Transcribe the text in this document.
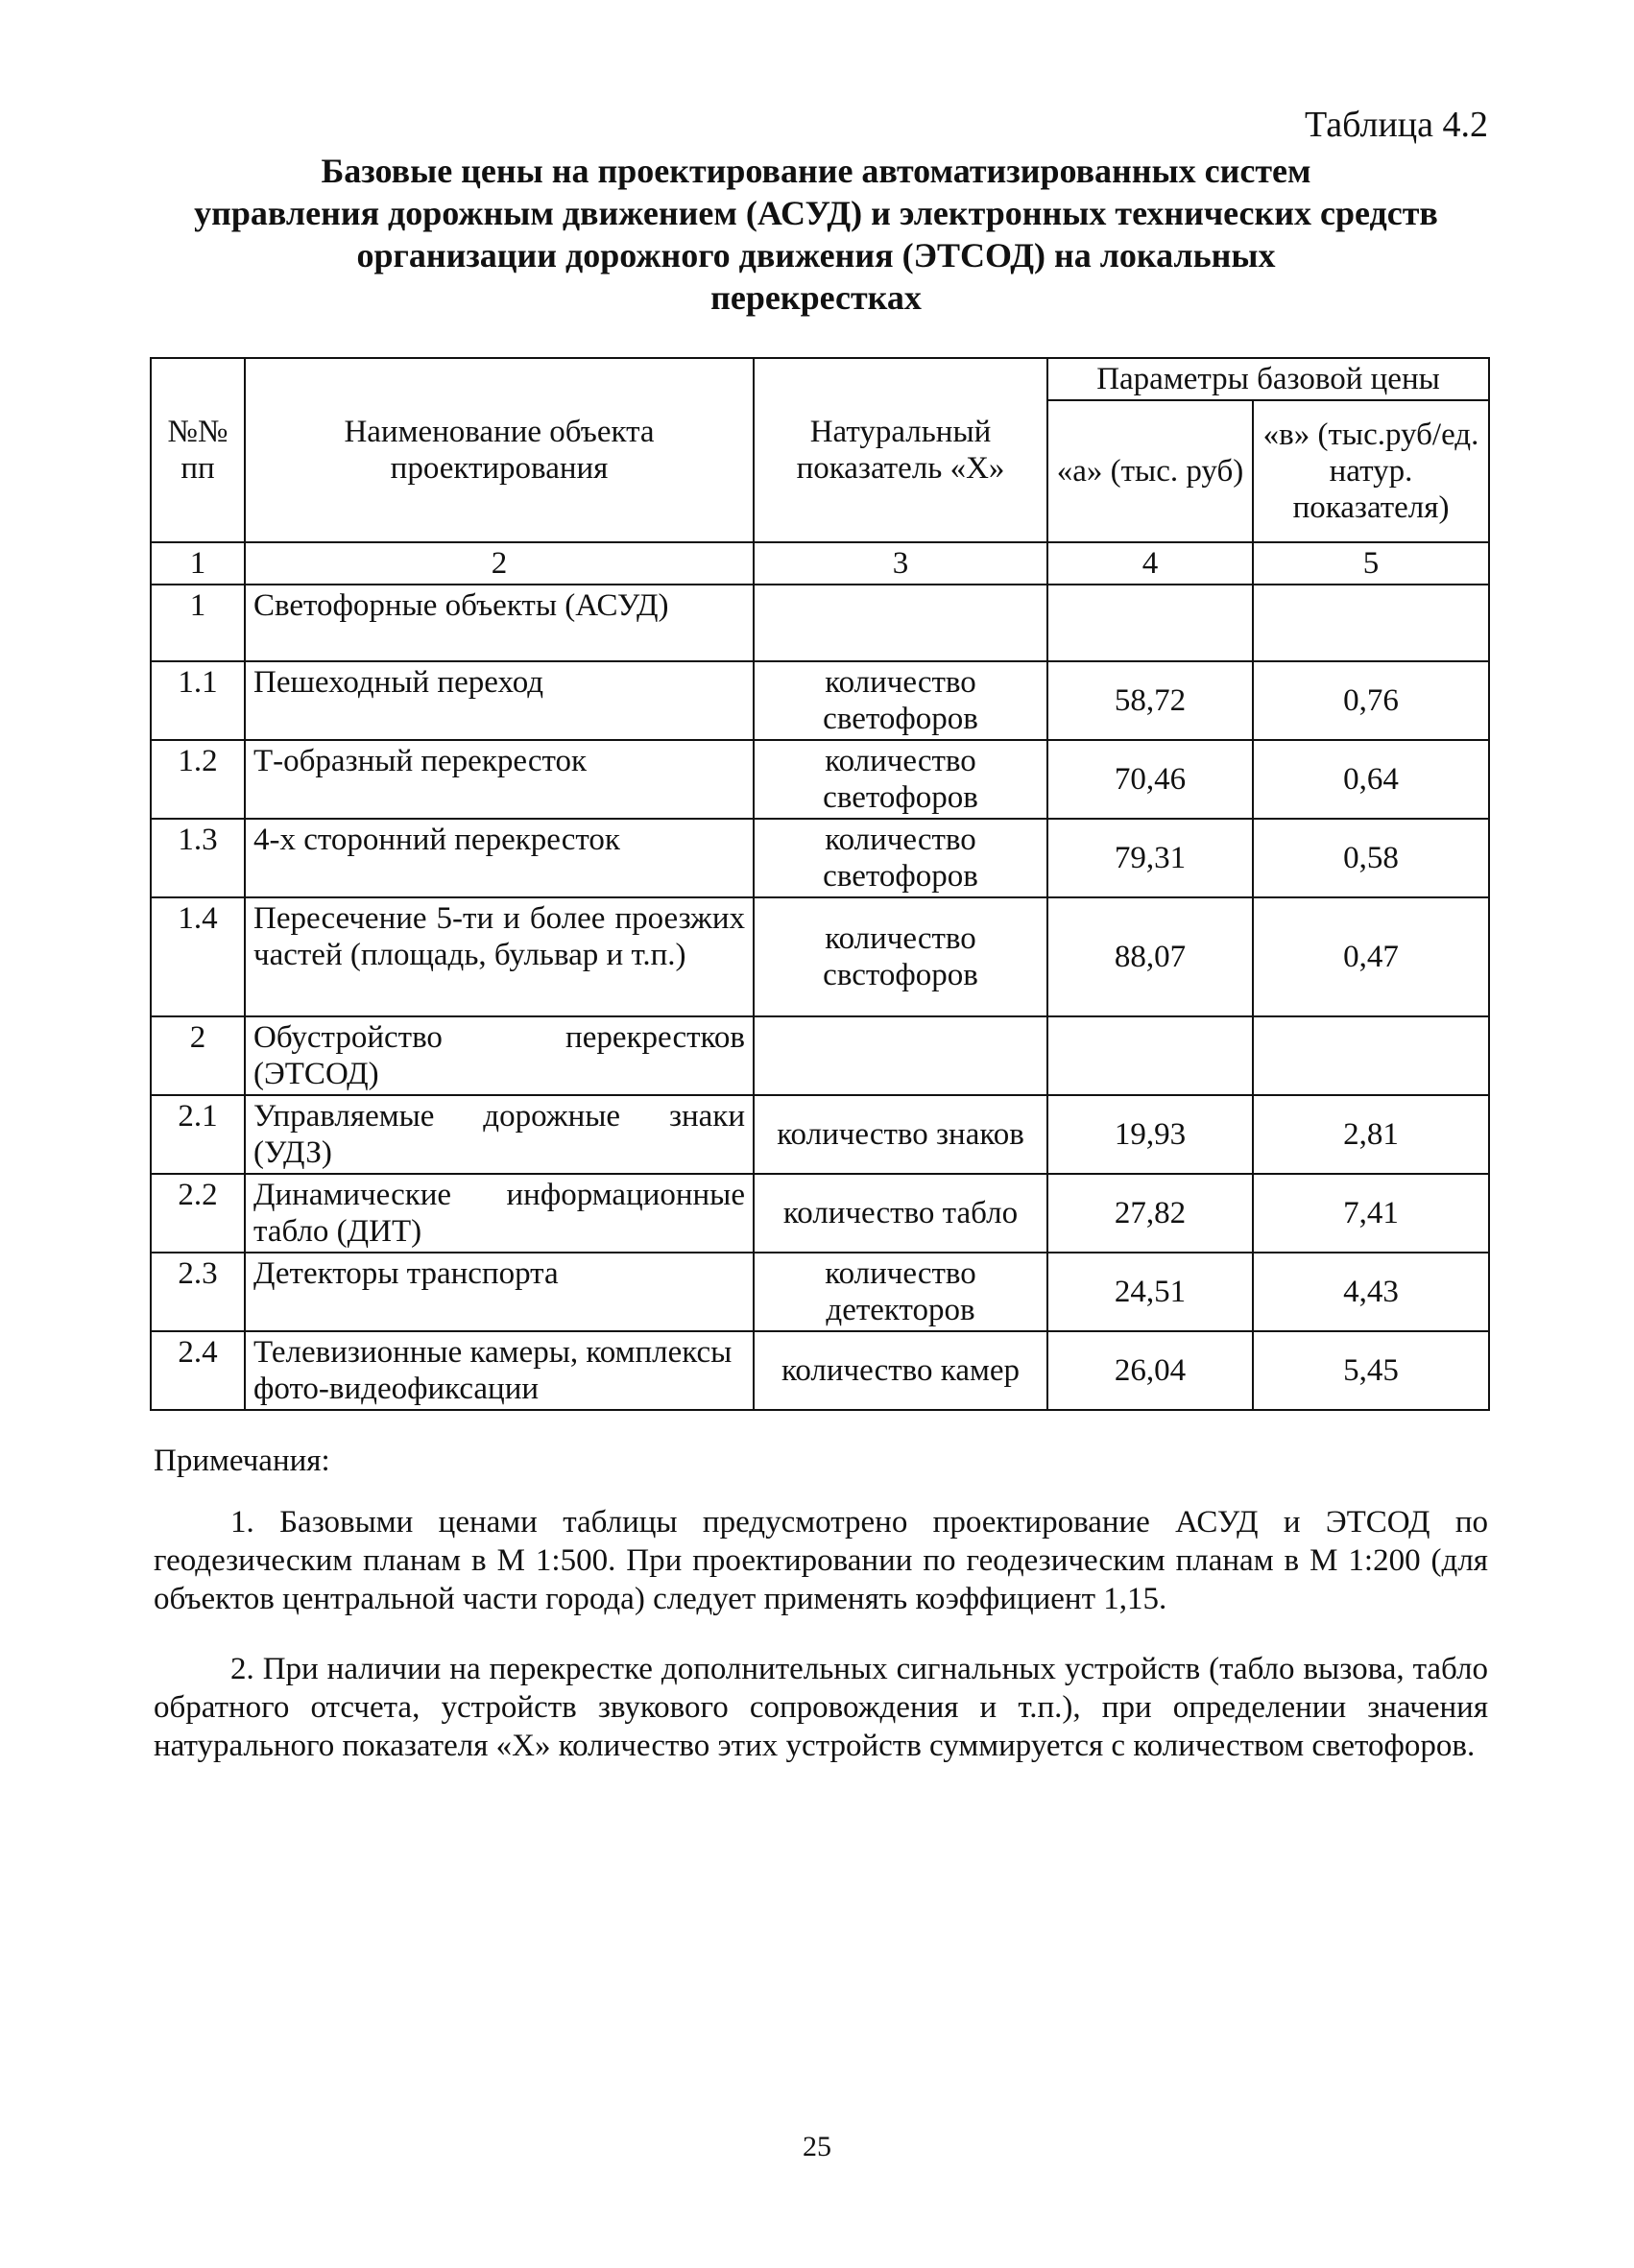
Таблица 4.2
Базовые цены на проектирование автоматизированных систем
управления дорожным движением (АСУД) и электронных технических средств
организации дорожного движения (ЭТСОД) на локальных
перекрестках
№№ пп	Наименование объекта проектирования	Натуральный показатель «Х»	Параметры базовой цены	
			«а» (тыс. руб)	«в» (тыс.руб/ед. натур. показателя)
1	2	3	4	5
1	Светофорные объекты (АСУД)			
1.1	Пешеходный переход	количество светофоров	58,72	0,76
1.2	Т-образный перекресток	количество светофоров	70,46	0,64
1.3	4-х сторонний перекресток	количество светофоров	79,31	0,58
1.4	Пересечение 5-ти и более проезжих частей (площадь, бульвар и т.п.)	количество свстофоров	88,07	0,47
2	Обустройство перекрестков (ЭТСОД)			
2.1	Управляемые дорожные знаки (УДЗ)	количество знаков	19,93	2,81
2.2	Динамические информационные табло (ДИТ)	количество табло	27,82	7,41
2.3	Детекторы транспорта	количество детекторов	24,51	4,43
2.4	Телевизионные камеры, комплексы фото-видеофиксации	количество камер	26,04	5,45
Примечания:

1. Базовыми ценами таблицы предусмотрено проектирование АСУД и ЭТСОД по геодезическим планам в М 1:500. При проектировании по геодезическим планам в М 1:200 (для объектов центральной части города) следует применять коэффициент 1,15.

2. При наличии на перекрестке дополнительных сигнальных устройств (табло вызова, табло обратного отсчета, устройств звукового сопровождения и т.п.), при определении значения натурального показателя «Х» количество этих устройств суммируется с количеством светофоров.

25
